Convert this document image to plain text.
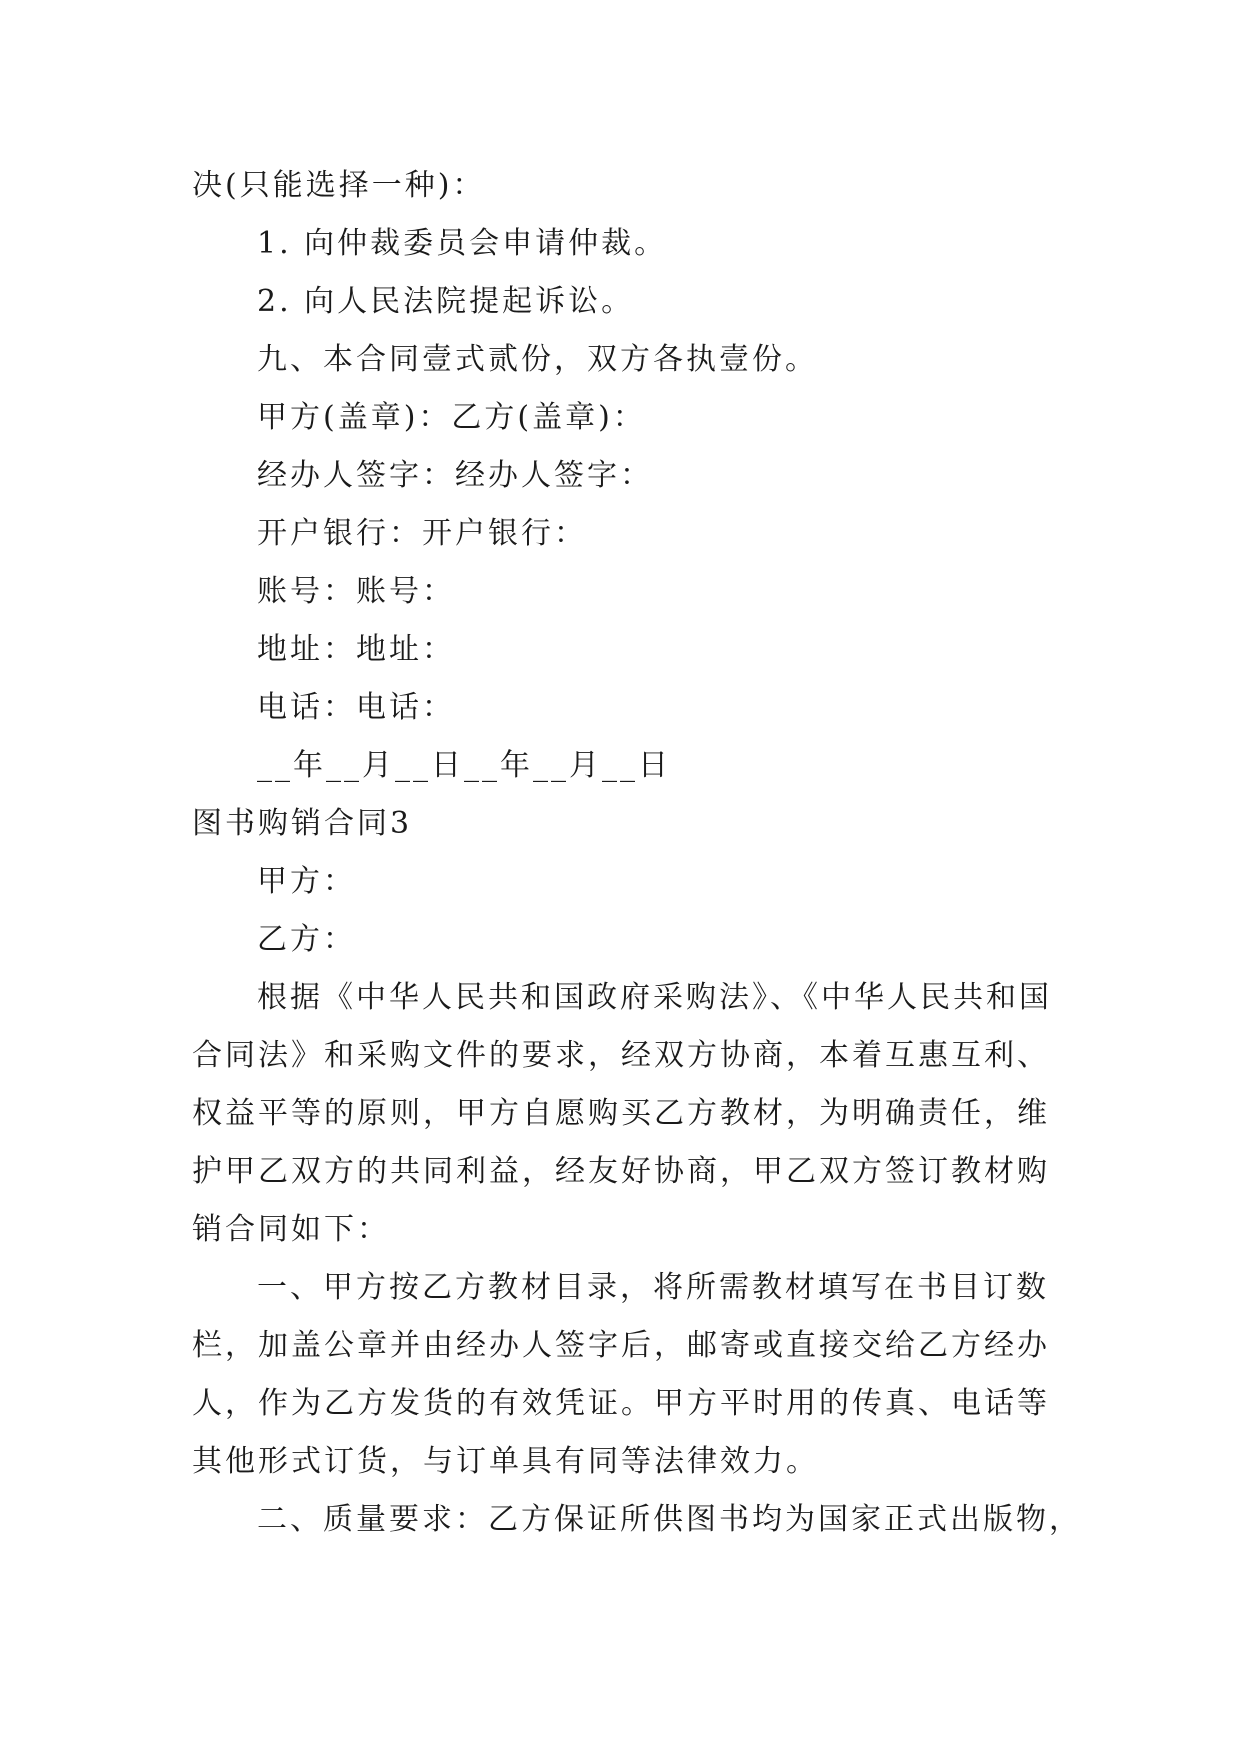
决(只能选择一种)：
1. 向仲裁委员会申请仲裁。
2. 向人民法院提起诉讼。
九、本合同壹式贰份，双方各执壹份。
甲方(盖章)：乙方(盖章)：
经办人签字：经办人签字：
开户银行：开户银行：
账号：账号：
地址：地址：
电话：电话：
__年__月__日__年__月__日
图书购销合同3
甲方：
乙方：
根据《中华人民共和国政府采购法》、《中华人民共和国
合同法》和采购文件的要求，经双方协商，本着互惠互利、
权益平等的原则，甲方自愿购买乙方教材，为明确责任，维
护甲乙双方的共同利益，经友好协商，甲乙双方签订教材购
销合同如下：
一、甲方按乙方教材目录，将所需教材填写在书目订数
栏，加盖公章并由经办人签字后，邮寄或直接交给乙方经办
人，作为乙方发货的有效凭证。甲方平时用的传真、电话等
其他形式订货，与订单具有同等法律效力。
二、质量要求：乙方保证所供图书均为国家正式出版物，
